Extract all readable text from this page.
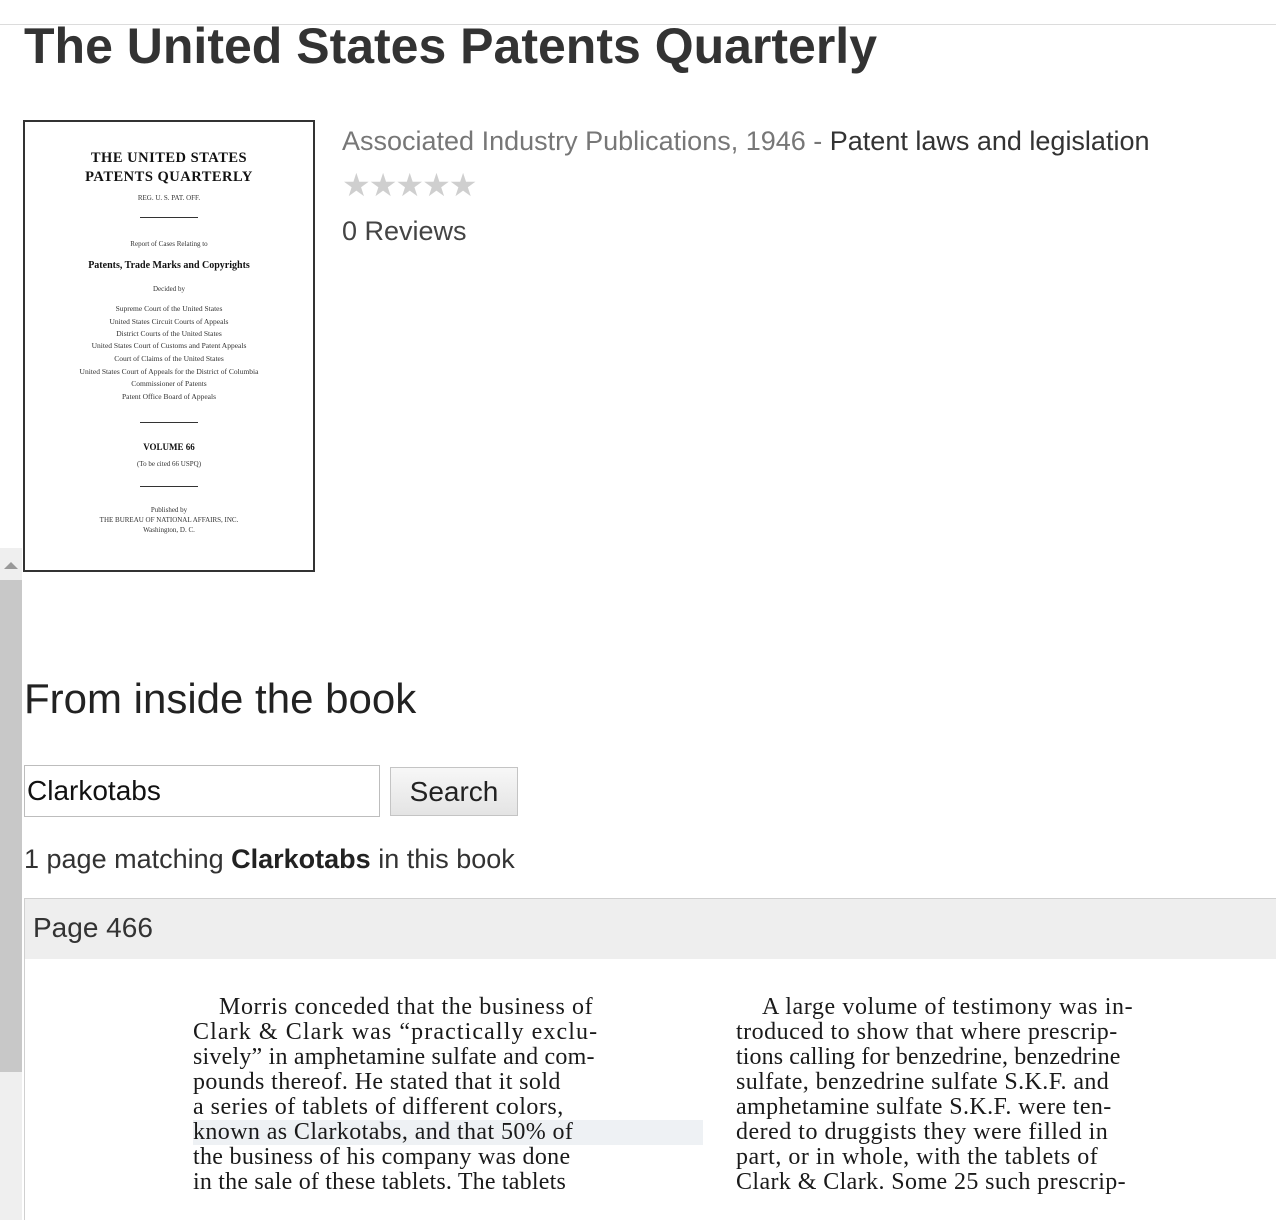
The United States Patents Quarterly
THE UNITED STATES
PATENTS QUARTERLY
REG. U. S. PAT. OFF.
Report of Cases Relating to
Patents, Trade Marks and Copyrights
Decided by
Supreme Court of the United States
United States Circuit Courts of Appeals
District Courts of the United States
United States Court of Customs and Patent Appeals
Court of Claims of the United States
United States Court of Appeals for the District of Columbia
Commissioner of Patents
Patent Office Board of Appeals
VOLUME 66
(To be cited 66 USPQ)
Published by
THE BUREAU OF NATIONAL AFFAIRS, INC.
Washington, D. C.
Associated Industry Publications, 1946 - Patent laws and legislation
★★★★★
0 Reviews
From inside the book
Clarkotabs
Search
1 page matching Clarkotabs in this book
Page 466
Morris conceded that the business of
Clark & Clark was “practically exclu-
sively” in amphetamine sulfate and com-
pounds thereof. He stated that it sold
a series of tablets of different colors,
known as Clarkotabs, and that 50% of
the business of his company was done
in the sale of these tablets. The tablets
A large volume of testimony was in-
troduced to show that where prescrip-
tions calling for benzedrine, benzedrine
sulfate, benzedrine sulfate S.K.F. and
amphetamine sulfate S.K.F. were ten-
dered to druggists they were filled in
part, or in whole, with the tablets of
Clark & Clark. Some 25 such prescrip-
